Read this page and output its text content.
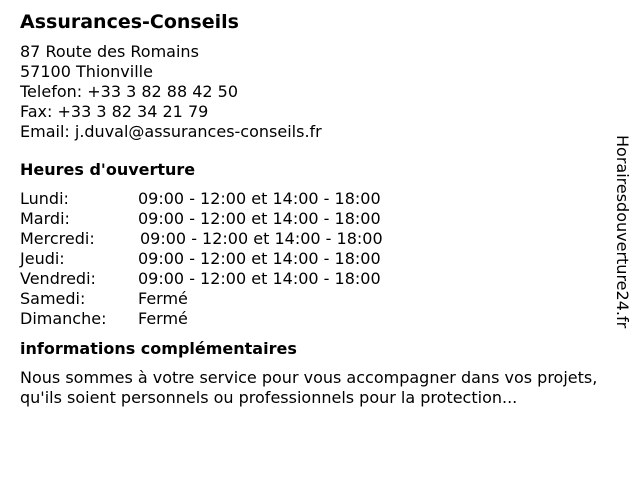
Assurances-Conseils
87 Route des Romains
57100 Thionville
Telefon: +33 3 82 88 42 50
Fax: +33 3 82 34 21 79
Email: j.duval@assurances-conseils.fr
Heures d'ouverture
Lundi:	09:00 - 12:00 et 14:00 - 18:00
Mardi:	09:00 - 12:00 et 14:00 - 18:00
Mercredi:	09:00 - 12:00 et 14:00 - 18:00
Jeudi:	09:00 - 12:00 et 14:00 - 18:00
Vendredi:	09:00 - 12:00 et 14:00 - 18:00
Samedi:	Fermé
Dimanche:	Fermé
informations complémentaires
Nous sommes à votre service pour vous accompagner dans vos projets, qu'ils soient personnels ou professionnels pour la protection...
Horairesdouverture24.fr
